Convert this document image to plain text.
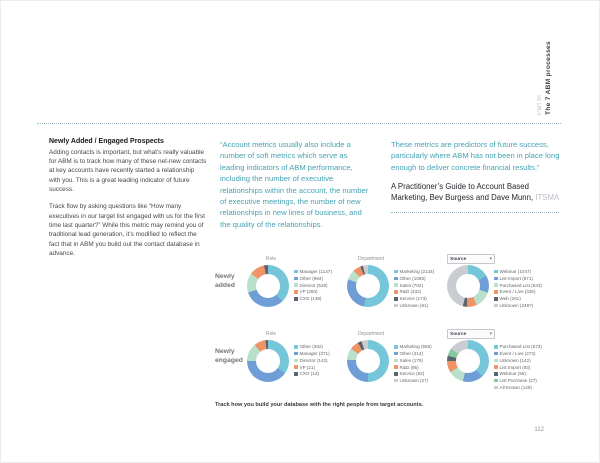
Part III The 7 ABM processes
Newly Added / Engaged Prospects

Adding contacts is important, but what’s really valuable for ABM is to track how many of these net-new contacts at key accounts have recently started a relationship with you. This is a great leading indicator of future success.

Track flow by asking questions like “How many executives in our target list engaged with us for the first time last quarter?” While this metric may remind you of traditional lead generation, it’s modified to reflect the fact that in ABM you build out the contact database in advance.

“Account metrics usually also include a number of soft metrics which serve as leading indicators of ABM performance, including the number of executive relationships within the account, the number of executive meetings, the number of new relationships in new lines of business, and the quality of the relationships.

These metrics are predictors of future success, particularly where ABM has not been in place long enough to deliver concrete financial results.”

A Practitioner’s Guide to Account Based Marketing, Bev Burgess and Dave Munn, ITSMA

Newly added
Role
Manager (1147)
Other (984)
Director (528)
VP (260)
CXO (138)
Department
Marketing (2134)
Other (1085)
Sales (702)
R&D (232)
Service (173)
Unknown (61)
Source	▾
Webinar (1047)
List Import (871)
Purchased List (633)
Event / Live (335)
Web (261)
Unknown (2497)
Newly engaged
Role
Other (382)
Manager (371)
Director (142)
VP (21)
CXO (13)
Department
Marketing (555)
Other (414)
Sales (179)
R&D (95)
Service (52)
Unknown (27)
Source	▾
Purchased List (573)
Event / Live (273)
Unknown (142)
List Import (93)
Webinar (55)
List Purchase (27)
All Known (149)

Track how you build your database with the right people from target accounts.

112
